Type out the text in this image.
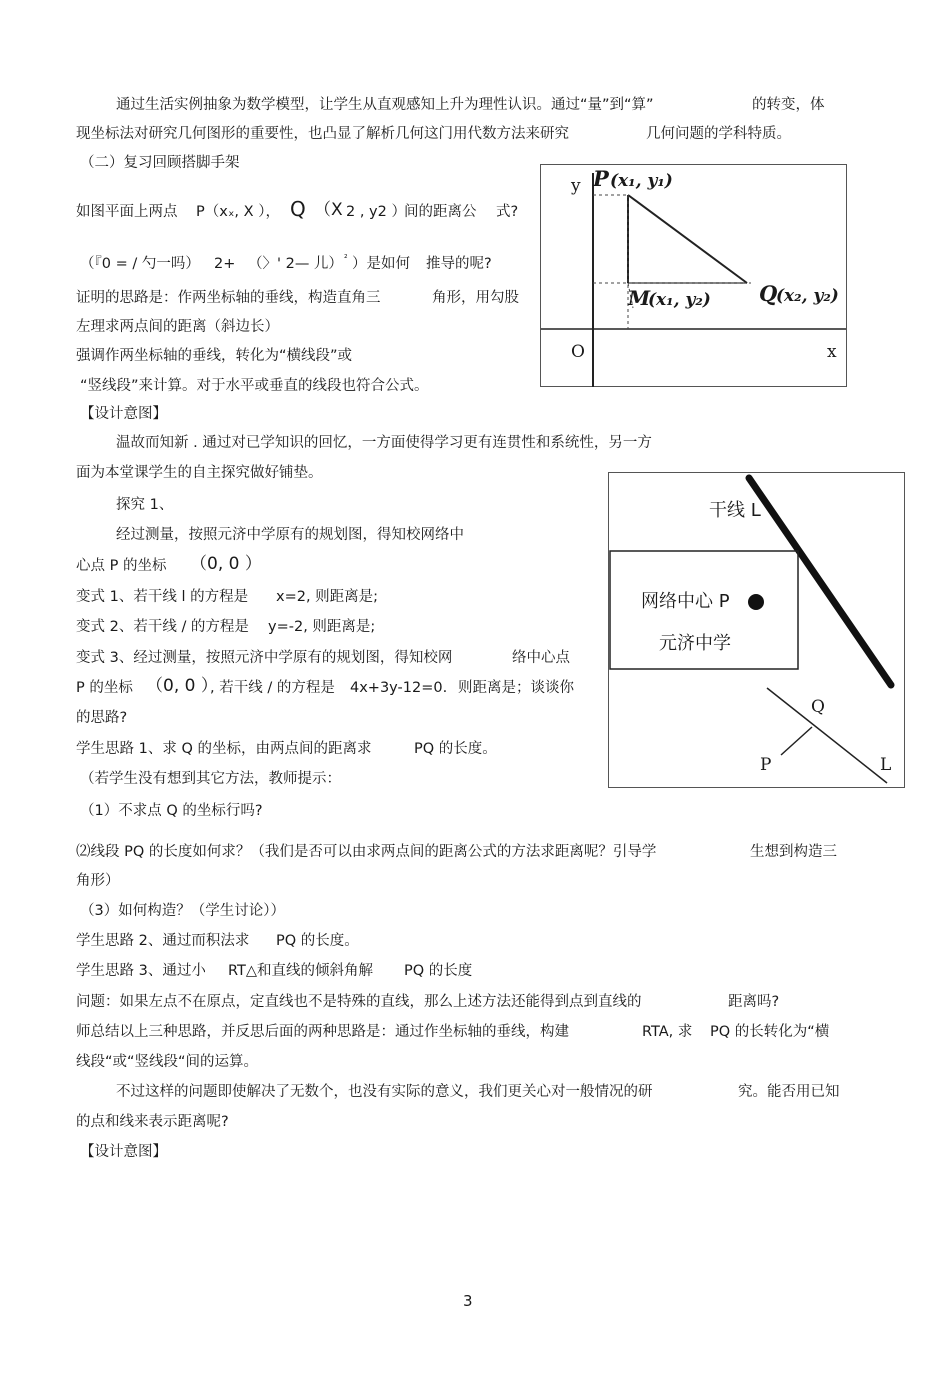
通过生活实例抽象为数学模型，让学生从直观感知上升为理性认识。通过“量”到“算”	的转变，体
现坐标法对研究几何图形的重要性，也凸显了解析几何这门用代数方法来研究	几何问题的学科特质。
（二）复习回顾搭脚手架
如图平面上两点 P（x ₓ, X ）， Q （X 2 , y2 ）
间的距离公 式?
（『0 = / 勺一吗） 2+ （〉' 2— 儿） ² ）是如何 推导的呢?
证明的思路是：作两坐标轴的垂线，构造直角三	角形，用勾股
左理求两点间的距离（斜边长）
强调作两坐标轴的垂线，转化为“横线段”或
“竖线段”来计算。对于水平或垂直的线段也符合公式。
【设计意图】
温故而知新 . 通过对已学知识的回忆，一方面使得学习更有连贯性和系统性，另一方
面为本堂课学生的自主探究做好铺垫。
探究 1、
经过测量，按照元济中学原有的规划图，得知校网络中
心点 P 的坐标 （0, 0 ）
变式 1、若干线 l 的方程是 x=2, 则距离是;
变式 2、若干线 / 的方程是 y=-2, 则距离是;
变式 3、经过测量，按照元济中学原有的规划图，得知校网	络中心点
P 的坐标 （0, 0 ）
, 若干线 / 的方程是 4x+3y-12=0. 则距离是；谈谈你
的思路?
学生思路 1、求 Q 的坐标，由两点间的距离求	PQ 的长度。
（若学生没有想到其它方法，教师提示：
（1）不求点 Q 的坐标行吗?
⑵线段 PQ 的长度如何求？（我们是否可以由求两点间的距离公式的方法求距离呢？引导学	生想到构造三
角形）
（3）如何构造？（学生讨论））
学生思路 2、通过而积法求 PQ 的长度。
学生思路 3、通过小 RT△和直线的倾斜角解 PQ 的长度
问题：如果左点不在原点，定直线也不是特殊的直线，那么上述方法还能得到点到直线的	距离吗?
师总结以上三种思路，并反思后面的两种思路是：通过作坐标轴的垂线，构建	RTA, 求 PQ 的长转化为“横
线段“或“竖线段“间的运算。
不过这样的问题即使解决了无数个，也没有实际的意义，我们更关心对一般情况的研	究。能否用已知
的点和线来表示距离呢?
【设计意图】
y
x
O
P (x₁, y₁)
M
(x₁, y₂) Q
(x₂, y₂)
干线 L
网络中心 P
元济中学
Q
P	L
3
